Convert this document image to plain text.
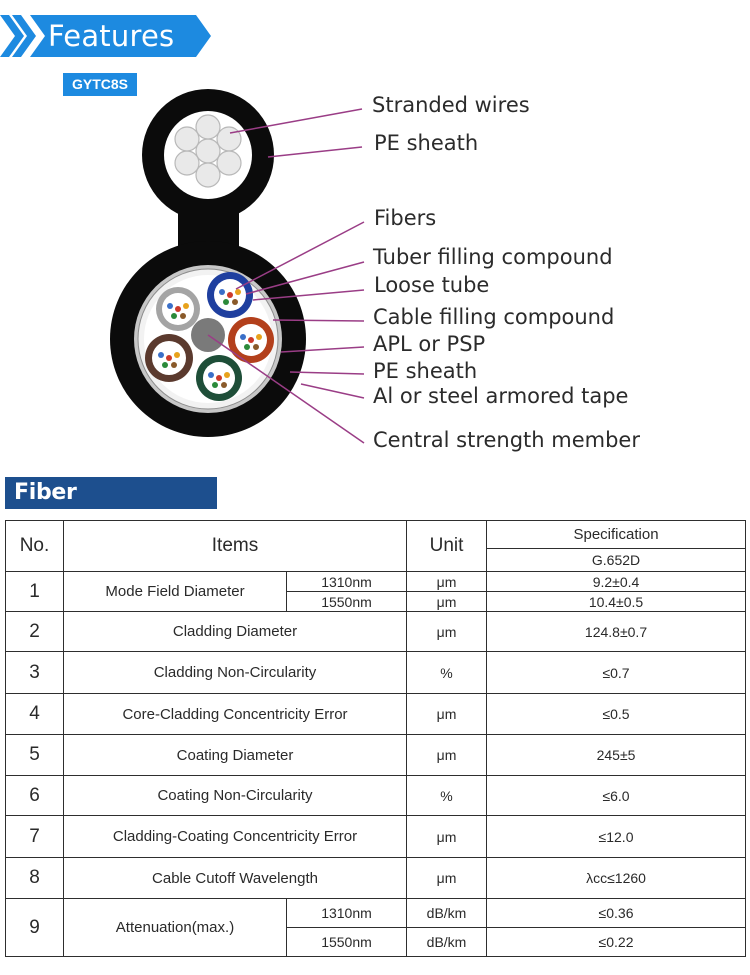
Features
GYTC8S
Stranded wires
PE sheath
Fibers
Tuber filling compound
Loose tube
Cable filling compound
APL or PSP
PE sheath
Al or steel armored tape
Central strength member
Fiber Parameters
No.	Items		Unit	Specification
				G.652D
1	Mode Field Diameter	1310nm	μm	9.2±0.4
		1550nm	μm	10.4±0.5
2	Cladding Diameter		μm	124.8±0.7
3	Cladding Non-Circularity		%	≤0.7
4	Core-Cladding Concentricity Error		μm	≤0.5
5	Coating Diameter		μm	245±5
6	Coating Non-Circularity		%	≤6.0
7	Cladding-Coating Concentricity Error		μm	≤12.0
8	Cable Cutoff Wavelength		μm	λcc≤1260
9	Attenuation(max.)	1310nm	dB/km	≤0.36
		1550nm	dB/km	≤0.22
